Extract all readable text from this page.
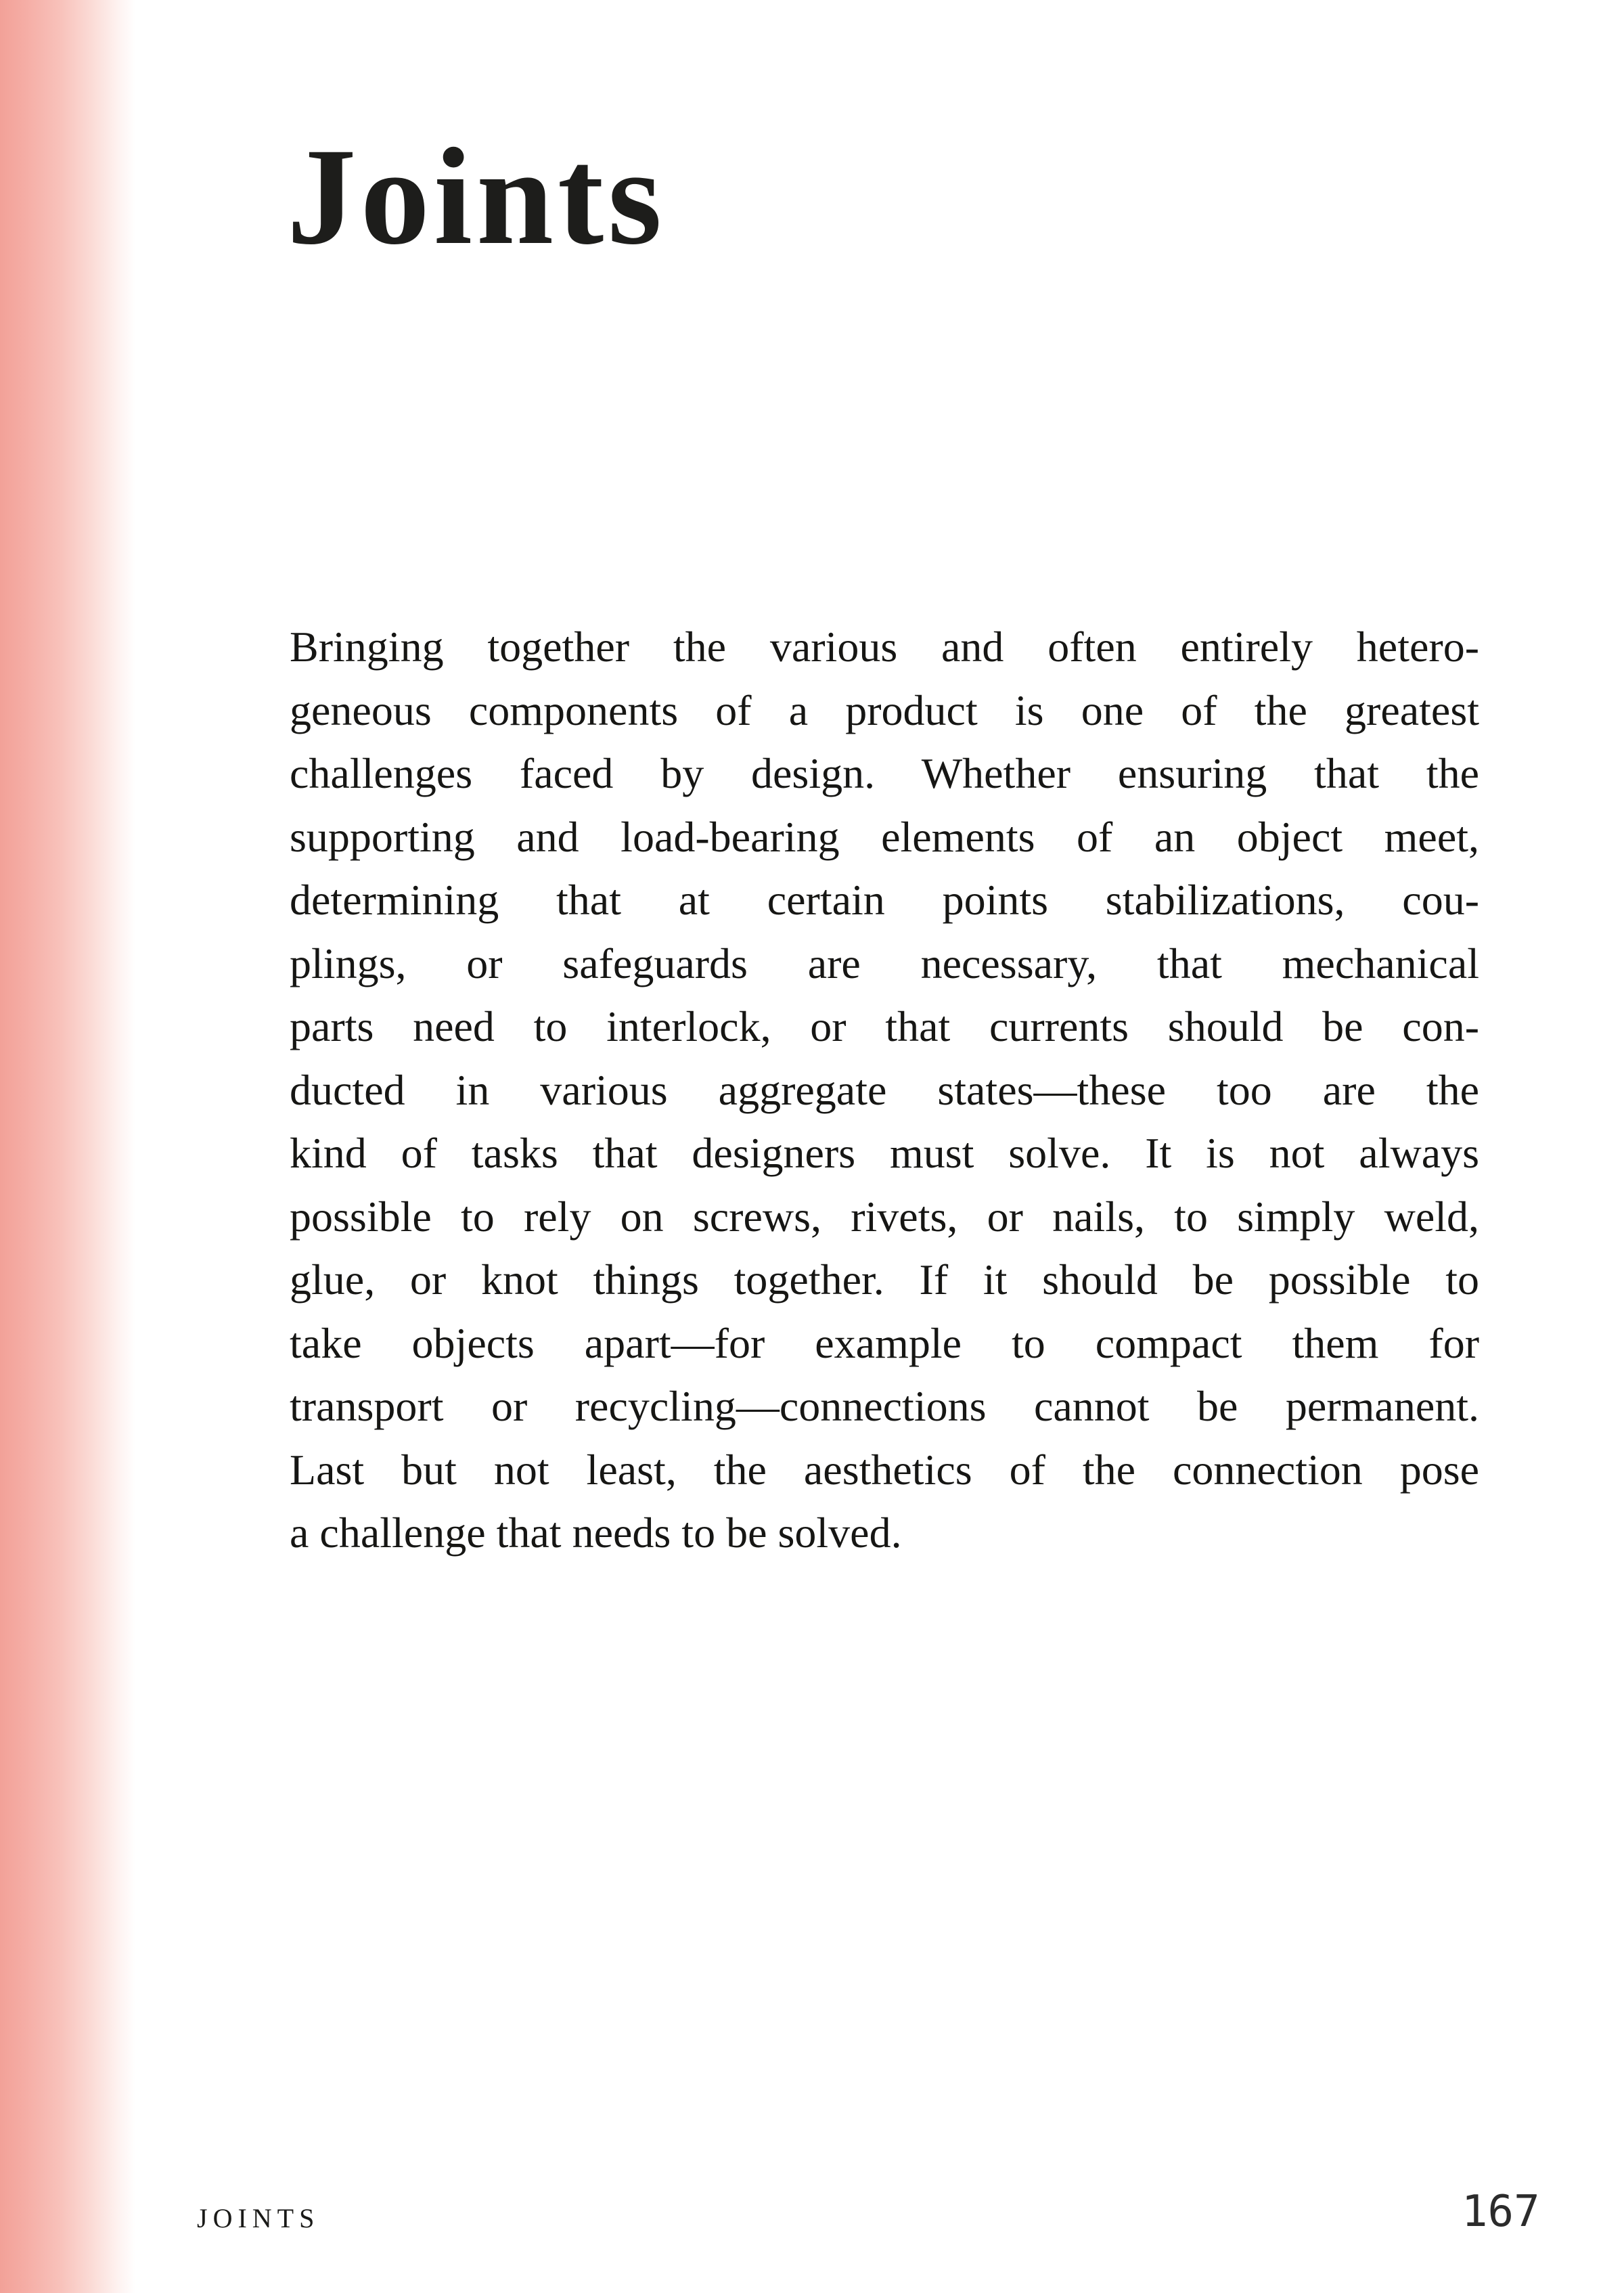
Joints
Bringing together the various and often entirely hetero-
geneous components of a product is one of the greatest
challenges faced by design. Whether ensuring that the
supporting and load-bearing elements of an object meet,
determining that at certain points stabilizations, cou-
plings, or safeguards are necessary, that mechanical
parts need to interlock, or that currents should be con-
ducted in various aggregate states—these too are the
kind of tasks that designers must solve. It is not always
possible to rely on screws, rivets, or nails, to simply weld,
glue, or knot things together. If it should be possible to
take objects apart—for example to compact them for
transport or recycling—connections cannot be permanent.
Last but not least, the aesthetics of the connection pose
a challenge that needs to be solved.
JOINTS	167
